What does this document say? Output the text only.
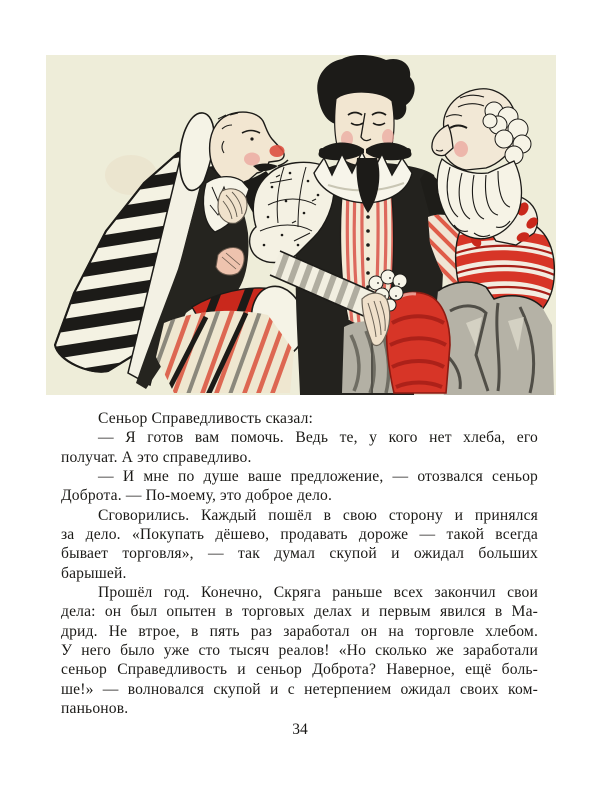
Сеньор Справедливость сказал:
— Я готов вам помочь. Ведь те, у кого нет хлеба, его
получат. А это справедливо.
— И мне по душе ваше предложение, — отозвался сеньор
Доброта. — По-моему, это доброе дело.
Сговорились. Каждый пошёл в свою сторону и принялся
за дело. «Покупать дёшево, продавать дороже — такой всегда
бывает торговля», — так думал скупой и ожидал больших
барышей.
Прошёл год. Конечно, Скряга раньше всех закончил свои
дела: он был опытен в торговых делах и первым явился в Ма-
дрид. Не втрое, в пять раз заработал он на торговле хлебом.
У него было уже сто тысяч реалов! «Но сколько же заработали
сеньор Справедливость и сеньор Доброта? Наверное, ещё боль-
ше!» — волновался скупой и с нетерпением ожидал своих ком-
паньонов.
34
